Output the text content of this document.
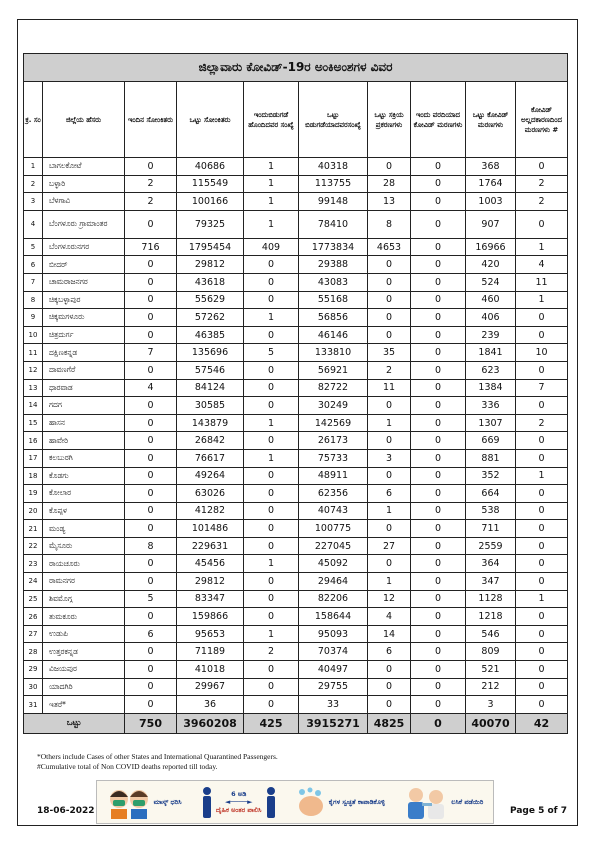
ಜಿಲ್ಲಾವಾರು ಕೋವಿಡ್-19ರ ಅಂಕಿಅಂಶಗಳ ವಿವರ									
ಕ್ರ. ಸಂ	ಜಿಲ್ಲೆಯ ಹೆಸರು	ಇಂದಿನ ಸೋಂಕಿತರು	ಒಟ್ಟು ಸೋಂಕಿತರು	ಇಂದುಬಿಡುಗಡೆ ಹೊಂದಿದವರ ಸಂಖ್ಯೆ	ಒಟ್ಟು ಬಿಡುಗಡೆಯಾದವರಸಂಖ್ಯೆ	ಒಟ್ಟು ಸಕ್ರಿಯ ಪ್ರಕರಣಗಳು	ಇಂದು ವರದಿಯಾದ ಕೋವಿಡ್ ಮರಣಗಳು	ಒಟ್ಟು ಕೋವಿಡ್ ಮರಣಗಳು	ಕೋವಿಡ್ ಅಲ್ಲದಕಾರಣದಿಂದ ಮರಣಗಳು #
1	ಬಾಗಲಕೋಟೆ	0	40686	1	40318	0	0	368	0
2	ಬಳ್ಳಾರಿ	2	115549	1	113755	28	0	1764	2
3	ಬೆಳಗಾವಿ	2	100166	1	99148	13	0	1003	2
4	ಬೆಂಗಳೂರು ಗ್ರಾಮಾಂತರ	0	79325	1	78410	8	0	907	0
5	ಬೆಂಗಳೂರುನಗರ	716	1795454	409	1773834	4653	0	16966	1
6	ಬೀದರ್	0	29812	0	29388	0	0	420	4
7	ಚಾಮರಾಜನಗರ	0	43618	0	43083	0	0	524	11
8	ಚಿಕ್ಕಬಳ್ಳಾಪುರ	0	55629	0	55168	0	0	460	1
9	ಚಿಕ್ಕಮಗಳೂರು	0	57262	1	56856	0	0	406	0
10	ಚಿತ್ರದುರ್ಗ	0	46385	0	46146	0	0	239	0
11	ದಕ್ಷಿಣಕನ್ನಡ	7	135696	5	133810	35	0	1841	10
12	ದಾವಣಗೆರೆ	0	57546	0	56921	2	0	623	0
13	ಧಾರವಾಡ	4	84124	0	82722	11	0	1384	7
14	ಗದಗ	0	30585	0	30249	0	0	336	0
15	ಹಾಸನ	0	143879	1	142569	1	0	1307	2
16	ಹಾವೇರಿ	0	26842	0	26173	0	0	669	0
17	ಕಲಬುರಗಿ	0	76617	1	75733	3	0	881	0
18	ಕೊಡಗು	0	49264	0	48911	0	0	352	1
19	ಕೋಲಾರ	0	63026	0	62356	6	0	664	0
20	ಕೊಪ್ಪಳ	0	41282	0	40743	1	0	538	0
21	ಮಂಡ್ಯ	0	101486	0	100775	0	0	711	0
22	ಮೈಸೂರು	8	229631	0	227045	27	0	2559	0
23	ರಾಯಚೂರು	0	45456	1	45092	0	0	364	0
24	ರಾಮನಗರ	0	29812	0	29464	1	0	347	0
25	ಶಿವಮೊಗ್ಗ	5	83347	0	82206	12	0	1128	1
26	ತುಮಕೂರು	0	159866	0	158644	4	0	1218	0
27	ಉಡುಪಿ	6	95653	1	95093	14	0	546	0
28	ಉತ್ತರಕನ್ನಡ	0	71189	2	70374	6	0	809	0
29	ವಿಜಯಪುರ	0	41018	0	40497	0	0	521	0
30	ಯಾದಗಿರಿ	0	29967	0	29755	0	0	212	0
31	ಇತರೆ*	0	36	0	33	0	0	3	0
ಒಟ್ಟು		750	3960208	425	3915271	4825	0	40070	42
*Others include Cases of other States and International Quarantined Passengers.
#Cumulative total of Non COVID deaths reported till today.
ಮಾಸ್ಕ್ ಧರಿಸಿ
6 ಅಡಿ
◄────►
ದೈಹಿಕ ಅಂತರ ಪಾಲಿಸಿ
ಕೈಗಳ ಸ್ವಚ್ಛತೆ ಕಾಪಾಡಿಕೊಳ್ಳಿ	ಲಸಿಕೆ ಪಡೆಯಿರಿ
18-06-2022	Page 5 of 7
